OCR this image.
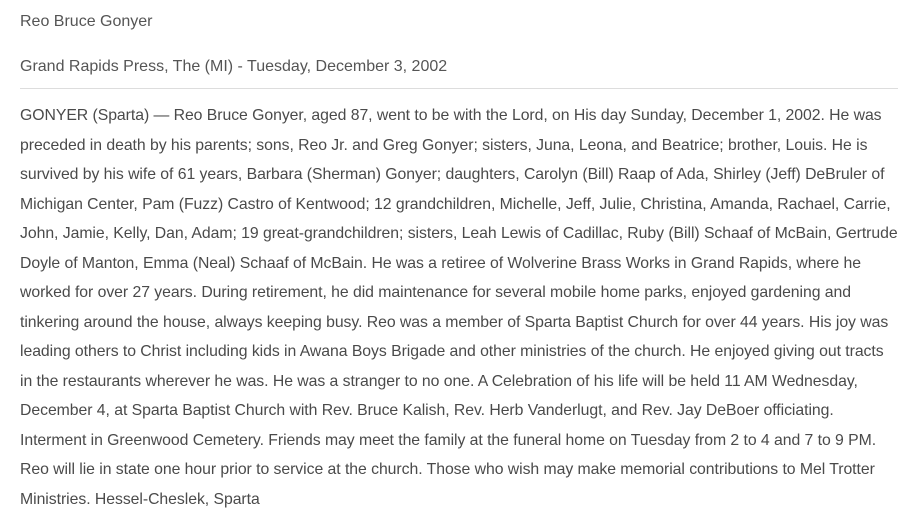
Reo Bruce Gonyer
Grand Rapids Press, The (MI) - Tuesday, December 3, 2002

GONYER (Sparta) — Reo Bruce Gonyer, aged 87, went to be with the Lord, on His day Sunday, December 1, 2002. He was preceded in death by his parents; sons, Reo Jr. and Greg Gonyer; sisters, Juna, Leona, and Beatrice; brother, Louis. He is survived by his wife of 61 years, Barbara (Sherman) Gonyer; daughters, Carolyn (Bill) Raap of Ada, Shirley (Jeff) DeBruler of Michigan Center, Pam (Fuzz) Castro of Kentwood; 12 grandchildren, Michelle, Jeff, Julie, Christina, Amanda, Rachael, Carrie, John, Jamie, Kelly, Dan, Adam; 19 great-grandchildren; sisters, Leah Lewis of Cadillac, Ruby (Bill) Schaaf of McBain, Gertrude Doyle of Manton, Emma (Neal) Schaaf of McBain. He was a retiree of Wolverine Brass Works in Grand Rapids, where he worked for over 27 years. During retirement, he did maintenance for several mobile home parks, enjoyed gardening and tinkering around the house, always keeping busy. Reo was a member of Sparta Baptist Church for over 44 years. His joy was leading others to Christ including kids in Awana Boys Brigade and other ministries of the church. He enjoyed giving out tracts in the restaurants wherever he was. He was a stranger to no one. A Celebration of his life will be held 11 AM Wednesday, December 4, at Sparta Baptist Church with Rev. Bruce Kalish, Rev. Herb Vanderlugt, and Rev. Jay DeBoer officiating. Interment in Greenwood Cemetery. Friends may meet the family at the funeral home on Tuesday from 2 to 4 and 7 to 9 PM. Reo will lie in state one hour prior to service at the church. Those who wish may make memorial contributions to Mel Trotter Ministries. Hessel-Cheslek, Sparta
